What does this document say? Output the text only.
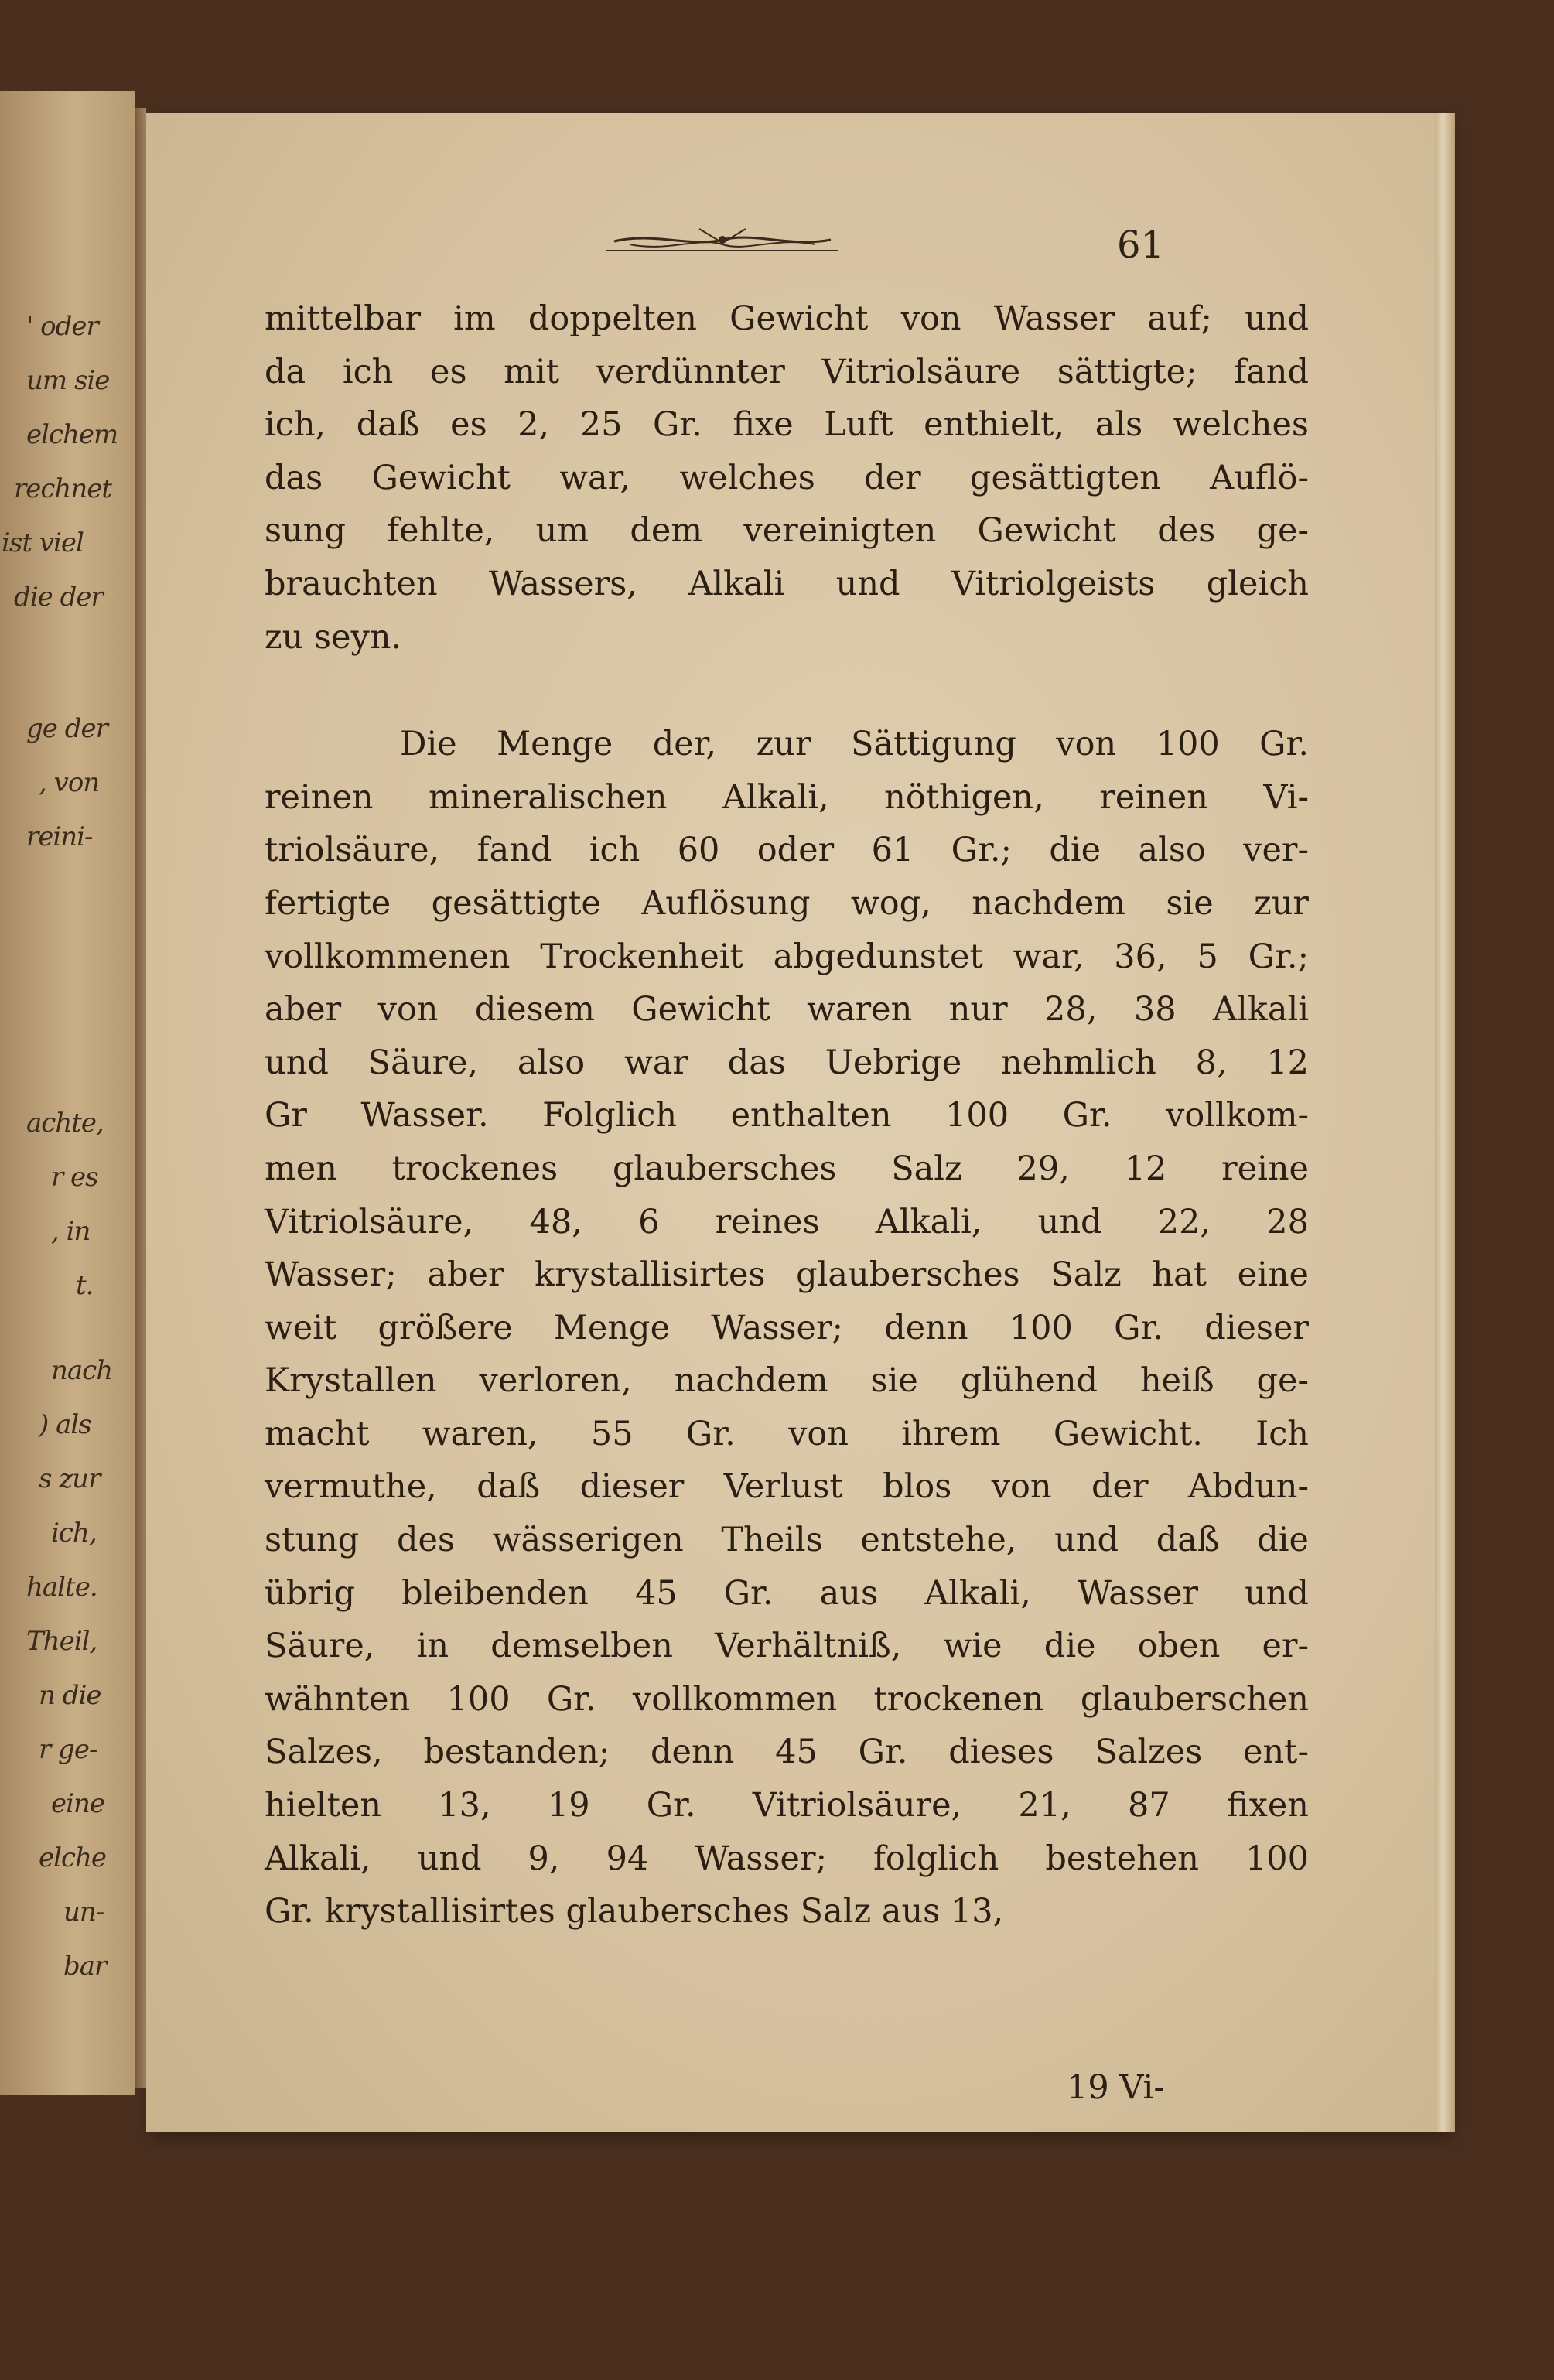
' oder
um sie
elchem
rechnet
ist viel
die der
ge der
, von
reini-
achte,
r es
, in
t.
nach
) als
s zur
ich,
halte.
Theil,
n die
r ge-
eine
elche
un-
bar
61
mittelbar im doppelten Gewicht von Wasser auf; und
da ich es mit verdünnter Vitriolsäure sättigte; fand
ich, daß es 2, 25 Gr. fixe Luft enthielt, als welches
das Gewicht war, welches der gesättigten Auflö-
sung fehlte, um dem vereinigten Gewicht des ge-
brauchten Wassers, Alkali und Vitriolgeists gleich
zu seyn.
Die Menge der, zur Sättigung von 100 Gr.
reinen mineralischen Alkali, nöthigen, reinen Vi-
triolsäure, fand ich 60 oder 61 Gr.; die also ver-
fertigte gesättigte Auflösung wog, nachdem sie zur
vollkommenen Trockenheit abgedunstet war, 36, 5 Gr.;
aber von diesem Gewicht waren nur 28, 38 Alkali
und Säure, also war das Uebrige nehmlich 8, 12
Gr Wasser. Folglich enthalten 100 Gr. vollkom-
men trockenes glaubersches Salz 29, 12 reine
Vitriolsäure, 48, 6 reines Alkali, und 22, 28
Wasser; aber krystallisirtes glaubersches Salz hat eine
weit größere Menge Wasser; denn 100 Gr. dieser
Krystallen verloren, nachdem sie glühend heiß ge-
macht waren, 55 Gr. von ihrem Gewicht. Ich
vermuthe, daß dieser Verlust blos von der Abdun-
stung des wässerigen Theils entstehe, und daß die
übrig bleibenden 45 Gr. aus Alkali, Wasser und
Säure, in demselben Verhältniß, wie die oben er-
wähnten 100 Gr. vollkommen trockenen glauberschen
Salzes, bestanden; denn 45 Gr. dieses Salzes ent-
hielten 13, 19 Gr. Vitriolsäure, 21, 87 fixen
Alkali, und 9, 94 Wasser; folglich bestehen 100
Gr. krystallisirtes glaubersches Salz aus 13,
19 Vi-
